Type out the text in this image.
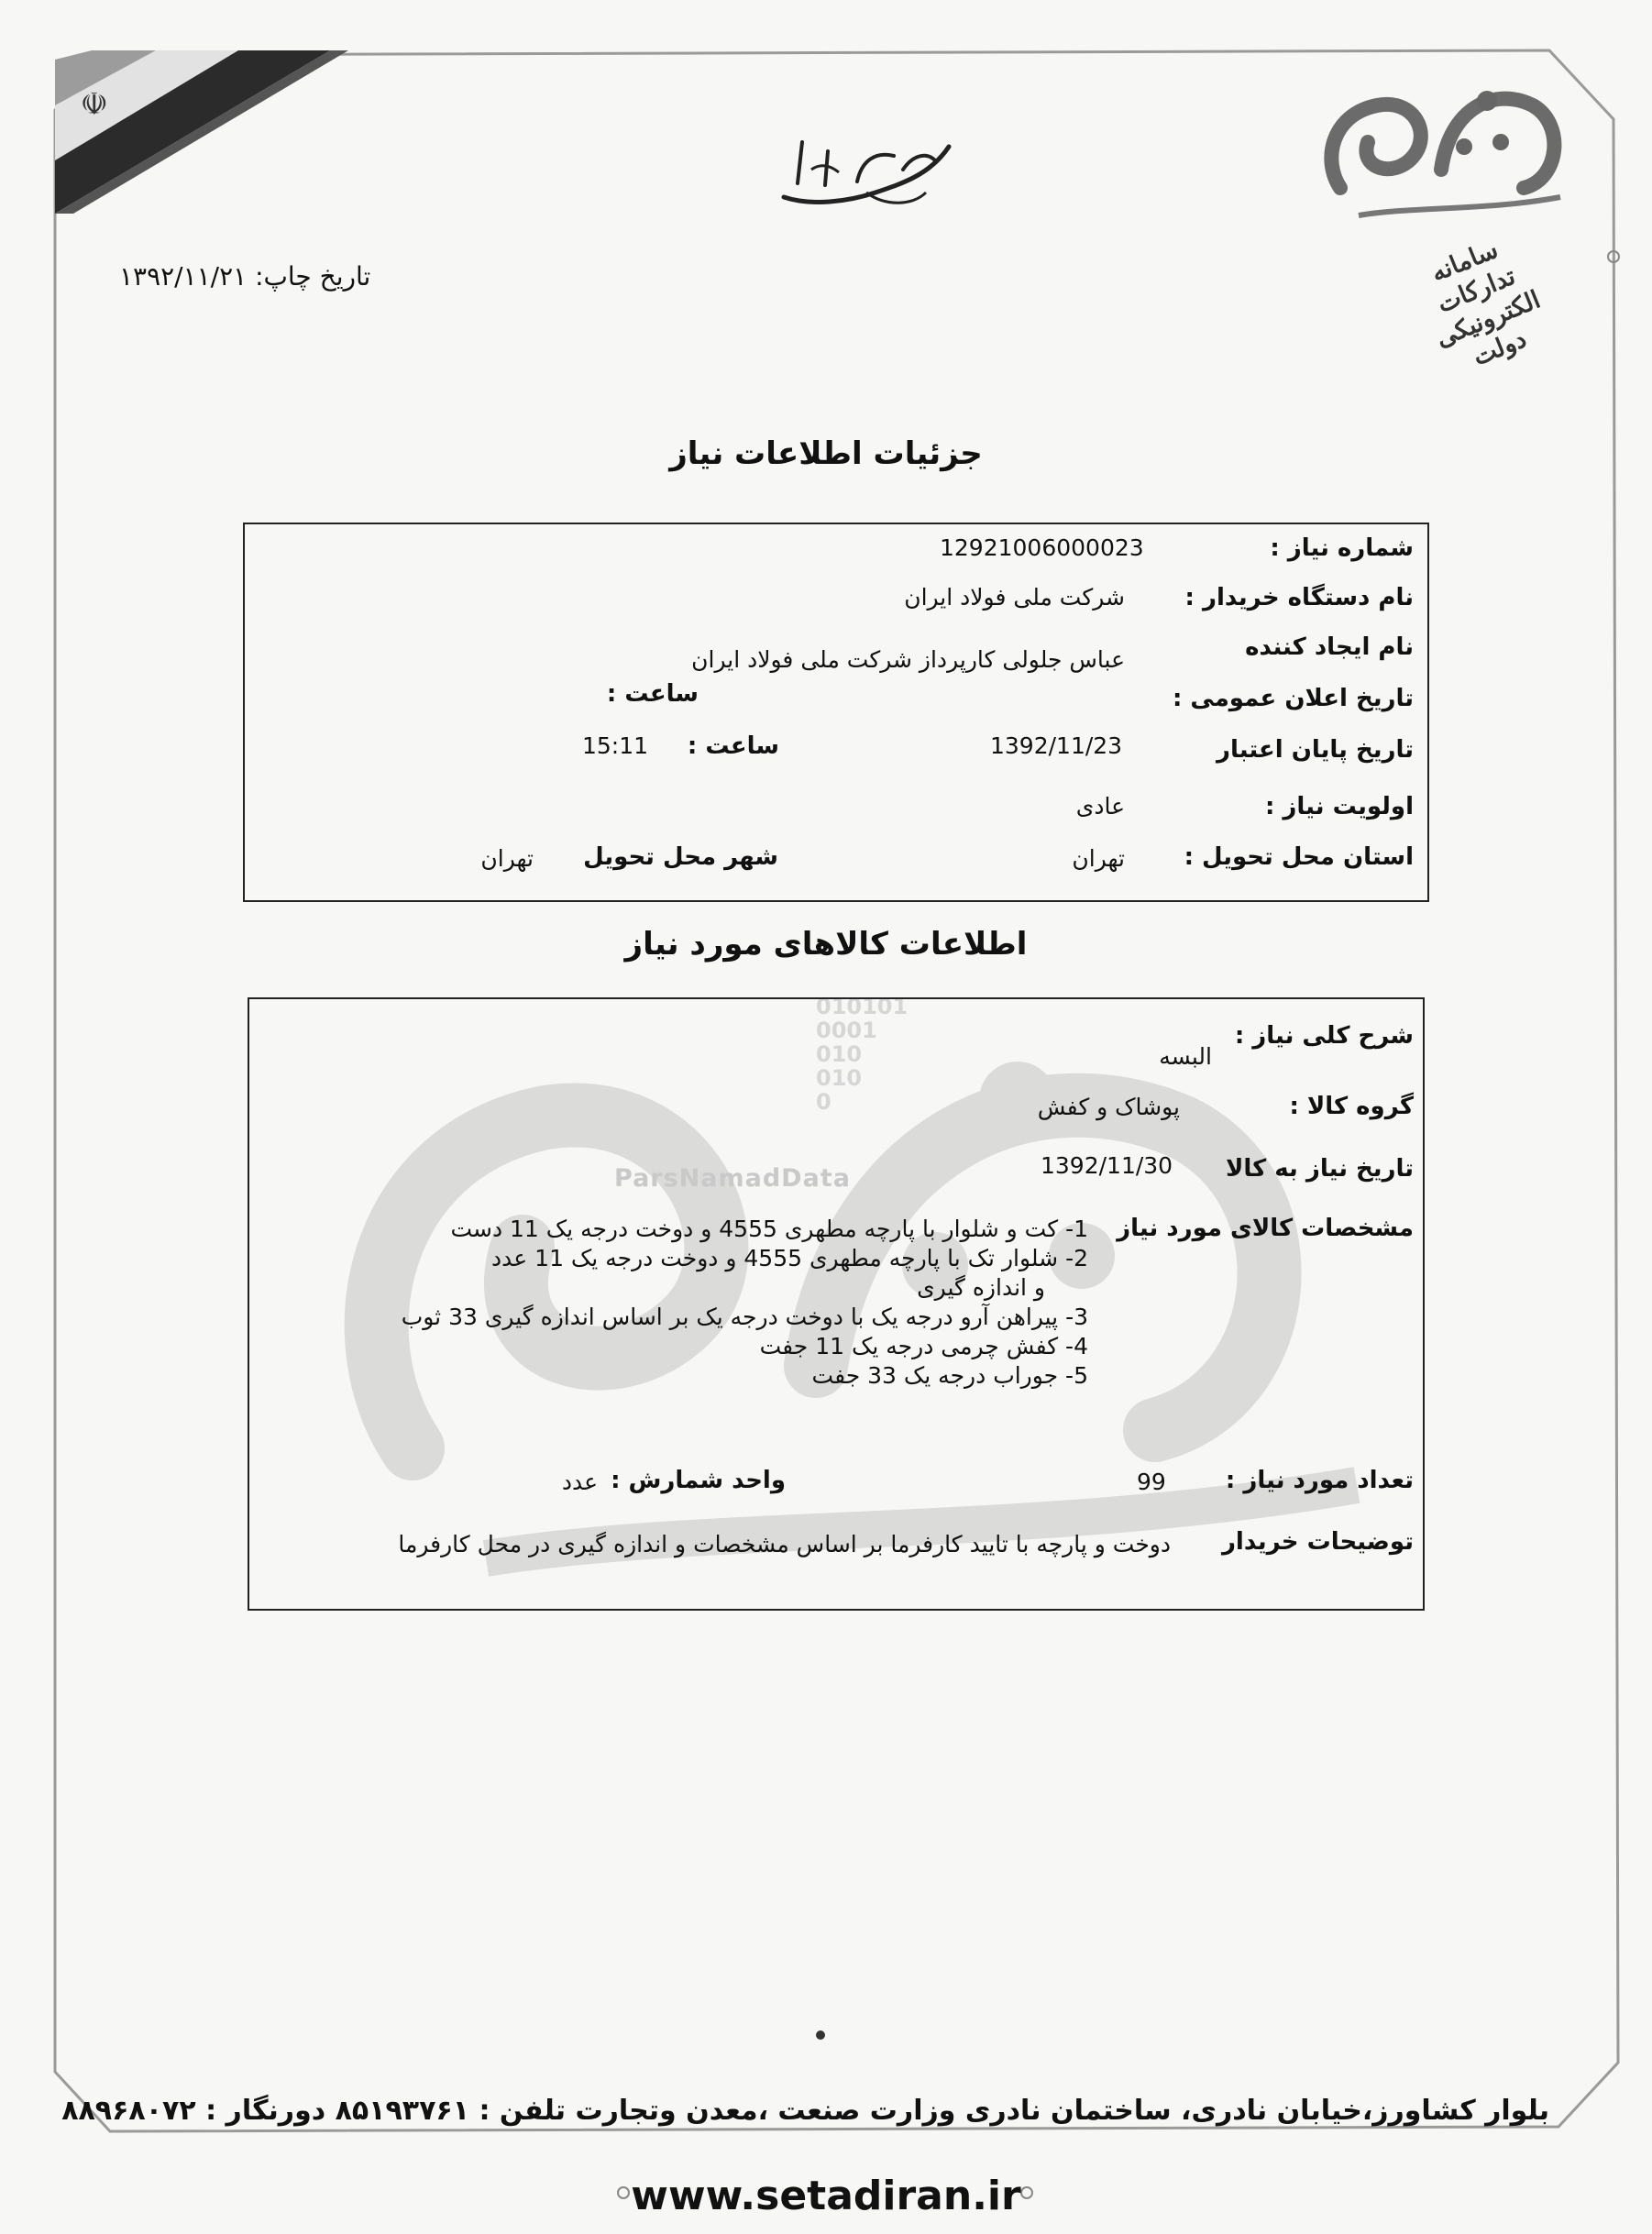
☫
سامانه تدارکات الکترونیکی دولت
بسم الله الرحمن الرحیم
تاریخ چاپ: ۱۳۹۲/۱۱/۲۱
010101
0001
010
010
0
ParsNamadData
جزئیات اطلاعات نیاز
شماره نیاز :
12921006000023
نام دستگاه خریدار :
شرکت ملی فولاد ایران
نام ایجاد کننده
عباس جلولی کارپرداز شرکت ملی فولاد ایران
تاریخ اعلان عمومی :
ساعت :
تاریخ پایان اعتبار
1392/11/23
ساعت :
15:11
اولویت نیاز :
عادی
استان محل تحویل :
تهران
شهر محل تحویل
تهران
اطلاعات کالاهای مورد نیاز
شرح کلی نیاز :
البسه
گروه کالا :
پوشاک و کفش
تاریخ نیاز به کالا
1392/11/30
مشخصات کالای مورد نیاز
1- کت و شلوار با پارچه مطهری 4555 و دوخت درجه یک 11 دست
2- شلوار تک با پارچه مطهری 4555 و دوخت درجه یک 11 عدد
و اندازه گیری
3- پیراهن آرو درجه یک با دوخت درجه یک بر اساس اندازه گیری 33 ثوب
4- کفش چرمی درجه یک 11 جفت
5- جوراب درجه یک 33 جفت
تعداد مورد نیاز :
99
واحد شمارش :
عدد
توضیحات خریدار
دوخت و پارچه با تایید کارفرما بر اساس مشخصات و اندازه گیری در محل کارفرما
بلوار کشاورز،خیابان نادری، ساختمان نادری وزارت صنعت ،معدن وتجارت تلفن : ۸۵۱۹۳۷۶۱ دورنگار : ۸۸۹۶۸۰۷۲
www.setadiran.ir
